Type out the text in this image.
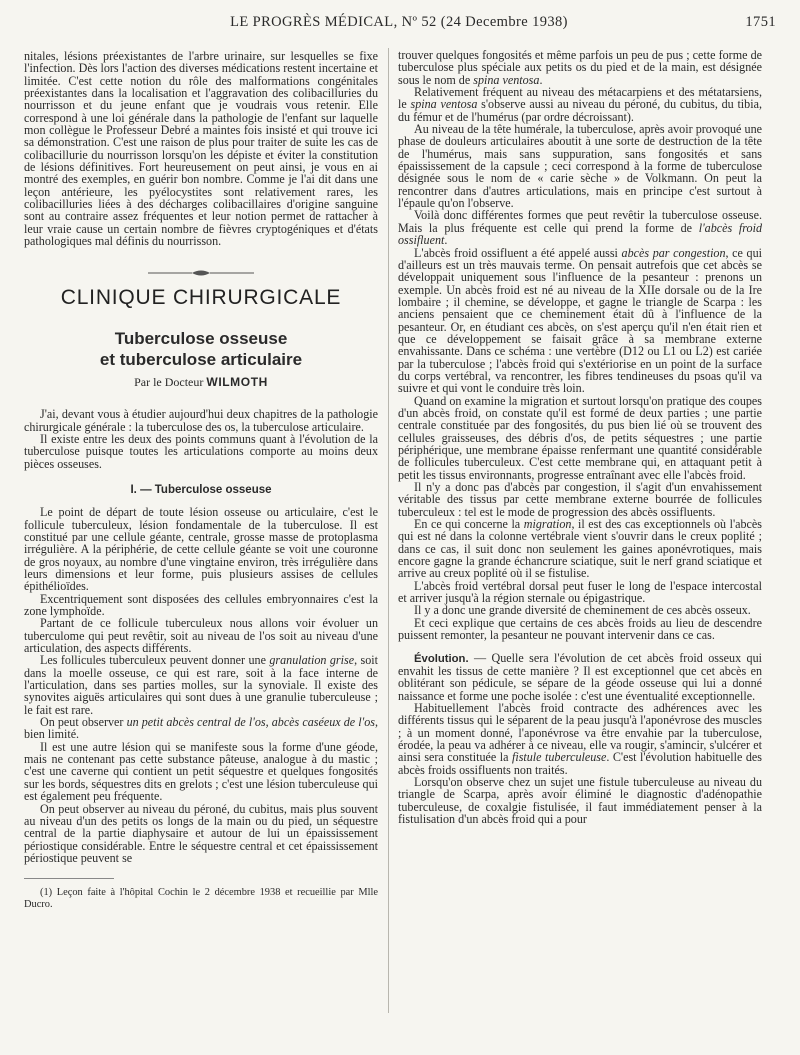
LE PROGRÈS MÉDICAL, Nº 52 (24 Decembre 1938)	1751

nitales, lésions préexistantes de l'arbre urinaire, sur lesquelles se fixe l'infection. Dès lors l'action des diverses médications restent incertaine et limitée. C'est cette notion du rôle des malformations congénitales préexistantes dans la localisation et l'aggravation des colibacilluries du nourrisson et du jeune enfant que je voudrais vous retenir. Elle correspond à une loi générale dans la pathologie de l'enfant sur laquelle mon collègue le Professeur Debré a maintes fois insisté et qui trouve ici sa démonstration. C'est une raison de plus pour traiter de suite les cas de colibacillurie du nourrisson lorsqu'on les dépiste et éviter la constitution de lésions définitives. Fort heureusement on peut ainsi, je vous en ai montré des exemples, en guérir bon nombre. Comme je l'ai dit dans une leçon antérieure, les pyélocystites sont relativement rares, les colibacilluries liées à des décharges colibacillaires d'origine sanguine sont au contraire assez fréquentes et leur notion permet de rattacher à leur vraie cause un certain nombre de fièvres cryptogéniques et d'états pathologiques mal définis du nourrisson.

CLINIQUE CHIRURGICALE
Tuberculose osseuse
et tuberculose articulaire
Par le Docteur WILMOTH

J'ai, devant vous à étudier aujourd'hui deux chapitres de la pathologie chirurgicale générale : la tuberculose des os, la tuberculose articulaire.

Il existe entre les deux des points communs quant à l'évolution de la tuberculose puisque toutes les articulations comporte au moins deux pièces osseuses.

I. — Tuberculose osseuse

Le point de départ de toute lésion osseuse ou articulaire, c'est le follicule tuberculeux, lésion fondamentale de la tuberculose. Il est constitué par une cellule géante, centrale, grosse masse de protoplasma irrégulière. A la périphérie, de cette cellule géante se voit une couronne de gros noyaux, au nombre d'une vingtaine environ, très irrégulière dans leurs dimensions et leur forme, puis plusieurs assises de cellules épithélioïdes.

Excentriquement sont disposées des cellules embryonnaires c'est la zone lymphoïde.

Partant de ce follicule tuberculeux nous allons voir évoluer un tuberculome qui peut revêtir, soit au niveau de l'os soit au niveau d'une articulation, des aspects différents.

Les follicules tuberculeux peuvent donner une granulation grise, soit dans la moelle osseuse, ce qui est rare, soit à la face interne de l'articulation, dans ses parties molles, sur la synoviale. Il existe des synovites aiguës articulaires qui sont dues à une granulie tuberculeuse ; le fait est rare.

On peut observer un petit abcès central de l'os, abcès caséeux de l'os, bien limité.

Il est une autre lésion qui se manifeste sous la forme d'une géode, mais ne contenant pas cette substance pâteuse, analogue à du mastic ; c'est une caverne qui contient un petit séquestre et quelques fongosités sur les bords, séquestres dits en grelots ; c'est une lésion tuberculeuse qui est également peu fréquente.

On peut observer au niveau du péroné, du cubitus, mais plus souvent au niveau d'un des petits os longs de la main ou du pied, un séquestre central de la partie diaphysaire et autour de lui un épaississement périostique considérable. Entre le séquestre central et cet épaississement périostique peuvent se

(1) Leçon faite à l'hôpital Cochin le 2 décembre 1938 et recueillie par Mlle Ducro.

trouver quelques fongosités et même parfois un peu de pus ; cette forme de tuberculose plus spéciale aux petits os du pied et de la main, est désignée sous le nom de spina ventosa.

Relativement fréquent au niveau des métacarpiens et des métatarsiens, le spina ventosa s'observe aussi au niveau du péroné, du cubitus, du tibia, du fémur et de l'humérus (par ordre décroissant).

Au niveau de la tête humérale, la tuberculose, après avoir provoqué une phase de douleurs articulaires aboutit à une sorte de destruction de la tête de l'humérus, mais sans suppuration, sans fongosités et sans épaississement de la capsule ; ceci correspond à la forme de tuberculose désignée sous le nom de « carie sèche » de Volkmann. On peut la rencontrer dans d'autres articulations, mais en principe c'est surtout à l'épaule qu'on l'observe.

Voilà donc différentes formes que peut revêtir la tuberculose osseuse. Mais la plus fréquente est celle qui prend la forme de l'abcès froid ossifluent.

L'abcès froid ossifluent a été appelé aussi abcès par congestion, ce qui d'ailleurs est un très mauvais terme. On pensait autrefois que cet abcès se développait uniquement sous l'influence de la pesanteur : prenons un exemple. Un abcès froid est né au niveau de la XIIe dorsale ou de la Ire lombaire ; il chemine, se développe, et gagne le triangle de Scarpa : les anciens pensaient que ce cheminement était dû à l'influence de la pesanteur. Or, en étudiant ces abcès, on s'est aperçu qu'il n'en était rien et que ce développement se faisait grâce à sa membrane externe envahissante. Dans ce schéma : une vertèbre (D12 ou L1 ou L2) est cariée par la tuberculose ; l'abcès froid qui s'extériorise en un point de la surface du corps vertébral, va rencontrer, les fibres tendineuses du psoas qu'il va suivre et qui vont le conduire très loin.

Quand on examine la migration et surtout lorsqu'on pratique des coupes d'un abcès froid, on constate qu'il est formé de deux parties ; une partie centrale constituée par des fongosités, du pus bien lié où se trouvent des cellules graisseuses, des débris d'os, de petits séquestres ; une partie périphérique, une membrane épaisse renfermant une quantité considérable de follicules tuberculeux. C'est cette membrane qui, en attaquant petit à petit les tissus environnants, progresse entraînant avec elle l'abcès froid.

Il n'y a donc pas d'abcès par congestion, il s'agit d'un envahissement véritable des tissus par cette membrane externe bourrée de follicules tuberculeux : tel est le mode de progression des abcès ossifluents.

En ce qui concerne la migration, il est des cas exceptionnels où l'abcès qui est né dans la colonne vertébrale vient s'ouvrir dans le creux poplité ; dans ce cas, il suit donc non seulement les gaines aponévrotiques, mais encore gagne la grande échancrure sciatique, suit le nerf grand sciatique et arrive au creux poplité où il se fistulise.

L'abcès froid vertébral dorsal peut fuser le long de l'espace intercostal et arriver jusqu'à la région sternale ou épigastrique.

Il y a donc une grande diversité de cheminement de ces abcès osseux.

Et ceci explique que certains de ces abcès froids au lieu de descendre puissent remonter, la pesanteur ne pouvant intervenir dans ce cas.

Évolution. — Quelle sera l'évolution de cet abcès froid osseux qui envahit les tissus de cette manière ? Il est exceptionnel que cet abcès en oblitérant son pédicule, se sépare de la géode osseuse qui lui a donné naissance et forme une poche isolée : c'est une éventualité exceptionnelle.

Habituellement l'abcès froid contracte des adhérences avec les différents tissus qui le séparent de la peau jusqu'à l'aponévrose des muscles ; à un moment donné, l'aponévrose va être envahie par la tuberculose, érodée, la peau va adhérer à ce niveau, elle va rougir, s'amincir, s'ulcérer et ainsi sera constituée la fistule tuberculeuse. C'est l'évolution habituelle des abcès froids ossifluents non traités.

Lorsqu'on observe chez un sujet une fistule tuberculeuse au niveau du triangle de Scarpa, après avoir éliminé le diagnostic d'adénopathie tuberculeuse, de coxalgie fistulisée, il faut immédiatement penser à la fistulisation d'un abcès froid qui a pour
